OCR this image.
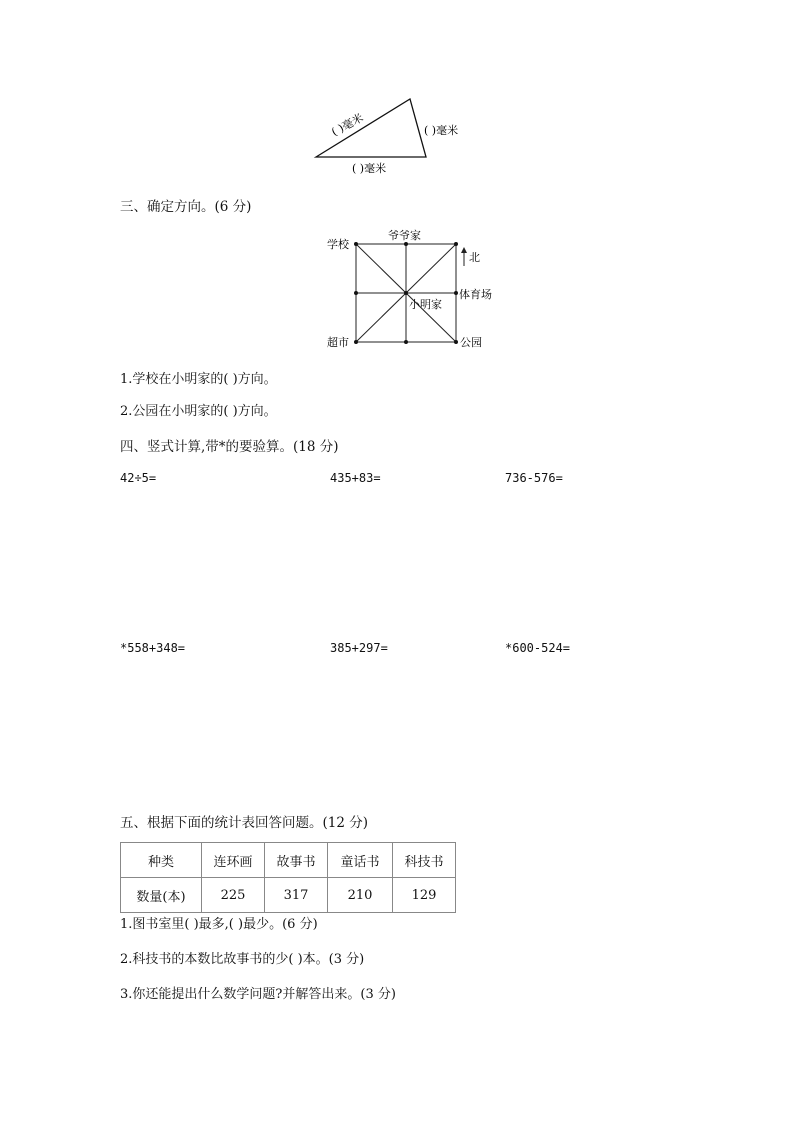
( )毫米	( )毫米
( )毫米
三、确定方向。(6 分)
学校
爷爷家
北
体育场
小明家
超市	公园
1.学校在小明家的( )方向。
2.公园在小明家的( )方向。
四、竖式计算,带*的要验算。(18 分)
42÷5=	435+83=	736-576=
*558+348=	385+297=	*600-524=
五、根据下面的统计表回答问题。(12 分)
种类	连环画	故事书	童话书	科技书
数量(本)	225	317	210	129
1.图书室里( )最多,( )最少。(6 分)
2.科技书的本数比故事书的少( )本。(3 分)
3.你还能提出什么数学问题?并解答出来。(3 分)
